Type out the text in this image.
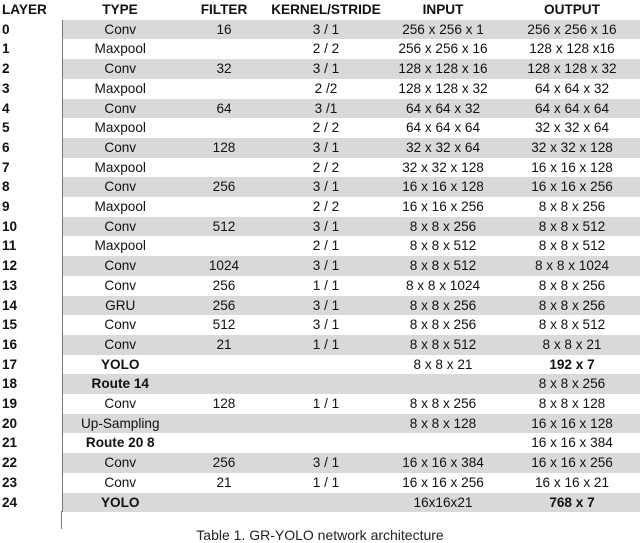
LAYER	TYPE	FILTER	KERNEL/STRIDE	INPUT	OUTPUT
0	Conv	16	3 / 1	256 x 256 x 1	256 x 256 x 16
1	Maxpool		2 / 2	256 x 256 x 16	128 x 128 x16
2	Conv	32	3 / 1	128 x 128 x 16	128 x 128 x 32
3	Maxpool		2 /2	128 x 128 x 32	64 x 64 x 32
4	Conv	64	3 /1	64 x 64 x 32	64 x 64 x 64
5	Maxpool		2 / 2	64 x 64 x 64	32 x 32 x 64
6	Conv	128	3 / 1	32 x 32 x 64	32 x 32 x 128
7	Maxpool		2 / 2	32 x 32 x 128	16 x 16 x 128
8	Conv	256	3 / 1	16 x 16 x 128	16 x 16 x 256
9	Maxpool		2 / 2	16 x 16 x 256	8 x 8 x 256
10	Conv	512	3 / 1	8 x 8 x 256	8 x 8 x 512
11	Maxpool		2 / 1	8 x 8 x 512	8 x 8 x 512
12	Conv	1024	3 / 1	8 x 8 x 512	8 x 8 x 1024
13	Conv	256	1 / 1	8 x 8 x 1024	8 x 8 x 256
14	GRU	256	3 / 1	8 x 8 x 256	8 x 8 x 256
15	Conv	512	3 / 1	8 x 8 x 256	8 x 8 x 512
16	Conv	21	1 / 1	8 x 8 x 512	8 x 8 x 21
17	YOLO			8 x 8 x 21	192 x 7
18	Route 14				8 x 8 x 256
19	Conv	128	1 / 1	8 x 8 x 256	8 x 8 x 128
20	Up-Sampling			8 x 8 x 128	16 x 16 x 128
21	Route 20 8				16 x 16 x 384
22	Conv	256	3 / 1	16 x 16 x 384	16 x 16 x 256
23	Conv	21	1 / 1	16 x 16 x 256	16 x 16 x 21
24	YOLO			16x16x21	768 x 7
Table 1. GR-YOLO network architecture
